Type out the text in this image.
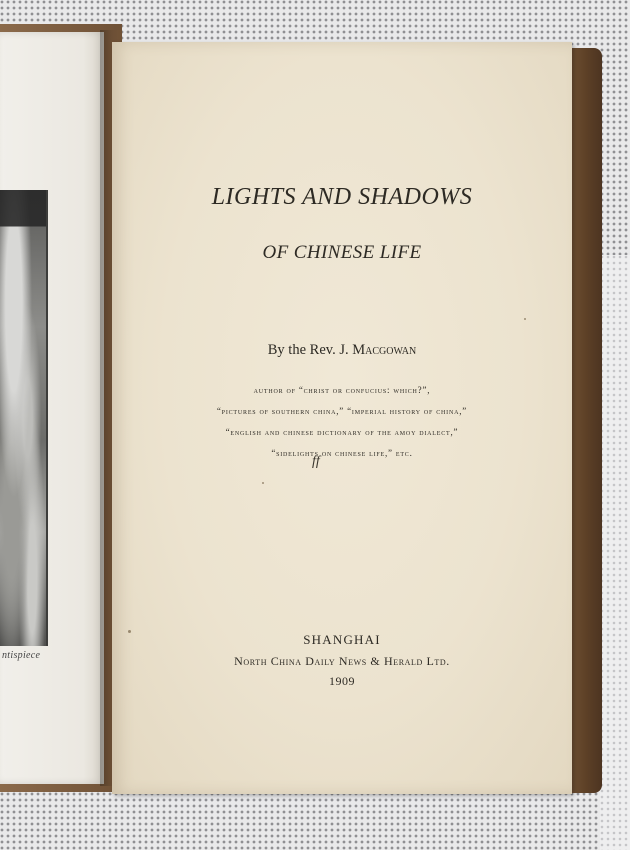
ntispiece
LIGHTS AND SHADOWS
OF CHINESE LIFE
By the Rev. J. Macgowan
author of “christ or confucius: which?”,
“pictures of southern china,” “imperial history of china,”
“english and chinese dictionary of the amoy dialect,”
“sidelights on chinese life,” etc.
ff
SHANGHAI
North China Daily News & Herald Ltd.
1909
